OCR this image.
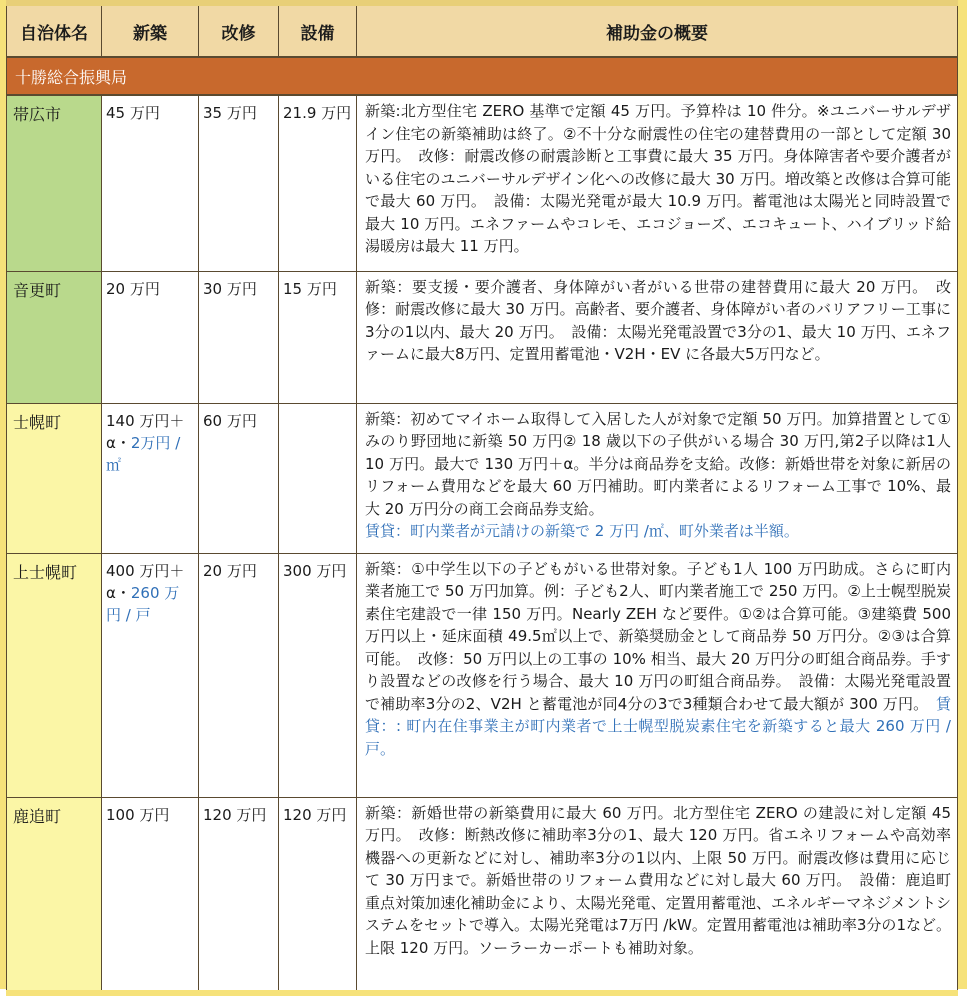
自治体名	新築	改修	設備	補助金の概要
十勝総合振興局				
帯広市	45 万円	35 万円	21.9 万円	新築:北方型住宅 ZERO 基準で定額 45 万円。予算枠は 10 件分。※ユニバーサルデザイン住宅の新築補助は終了。②不十分な耐震性の住宅の建替費用の一部として定額 30 万円。　改修：耐震改修の耐震診断と工事費に最大 35 万円。身体障害者や要介護者がいる住宅のユニバーサルデザイン化への改修に最大 30 万円。増改築と改修は合算可能で最大 60 万円。　設備：太陽光発電が最大 10.9 万円。蓄電池は太陽光と同時設置で最大 10 万円。エネファームやコレモ、エコジョーズ、エコキュート、ハイブリッド給湯暖房は最大 11 万円。
音更町	20 万円	30 万円	15 万円	新築：要支援・要介護者、身体障がい者がいる世帯の建替費用に最大 20 万円。　改修：耐震改修に最大 30 万円。高齢者、要介護者、身体障がい者のバリアフリー工事に3分の1以内、最大 20 万円。　設備：太陽光発電設置で3分の1、最大 10 万円、エネファームに最大8万円、定置用蓄電池・V2H・EV に各最大5万円など。
士幌町	140 万円＋α・2万円 / ㎡	60 万円		新築：初めてマイホーム取得して入居した人が対象で定額 50 万円。加算措置として①みのり野団地に新築 50 万円② 18 歳以下の子供がいる場合 30 万円,第2子以降は1人 10 万円。最大で 130 万円＋α。半分は商品券を支給。改修：新婚世帯を対象に新居のリフォーム費用などを最大 60 万円補助。町内業者によるリフォーム工事で 10%、最大 20 万円分の商工会商品券支給。
賃貸：町内業者が元請けの新築で 2 万円 /㎡、町外業者は半額。
上士幌町	400 万円＋α・260 万円 / 戸	20 万円	300 万円	新築：①中学生以下の子どもがいる世帯対象。子ども1人 100 万円助成。さらに町内業者施工で 50 万円加算。例：子ども2人、町内業者施工で 250 万円。②上士幌型脱炭素住宅建設で一律 150 万円。Nearly ZEH など要件。①②は合算可能。③建築費 500 万円以上・延床面積 49.5㎡以上で、新築奨励金として商品券 50 万円分。②③は合算可能。　改修：50 万円以上の工事の 10% 相当、最大 20 万円分の町組合商品券。手すり設置などの改修を行う場合、最大 10 万円の町組合商品券。　設備：太陽光発電設置で補助率3分の2、V2H と蓄電池が同4分の3で3種類合わせて最大額が 300 万円。　賃貸：: 町内在住事業主が町内業者で上士幌型脱炭素住宅を新築すると最大 260 万円 / 戸。
鹿追町	100 万円	120 万円	120 万円	新築：新婚世帯の新築費用に最大 60 万円。北方型住宅 ZERO の建設に対し定額 45 万円。　改修：断熱改修に補助率3分の1、最大 120 万円。省エネリフォームや高効率機器への更新などに対し、補助率3分の1以内、上限 50 万円。耐震改修は費用に応じて 30 万円まで。新婚世帯のリフォーム費用などに対し最大 60 万円。　設備：鹿追町重点対策加速化補助金により、太陽光発電、定置用蓄電池、エネルギーマネジメントシステムをセットで導入。太陽光発電は7万円 /kW。定置用蓄電池は補助率3分の1など。上限 120 万円。ソーラーカーポートも補助対象。
